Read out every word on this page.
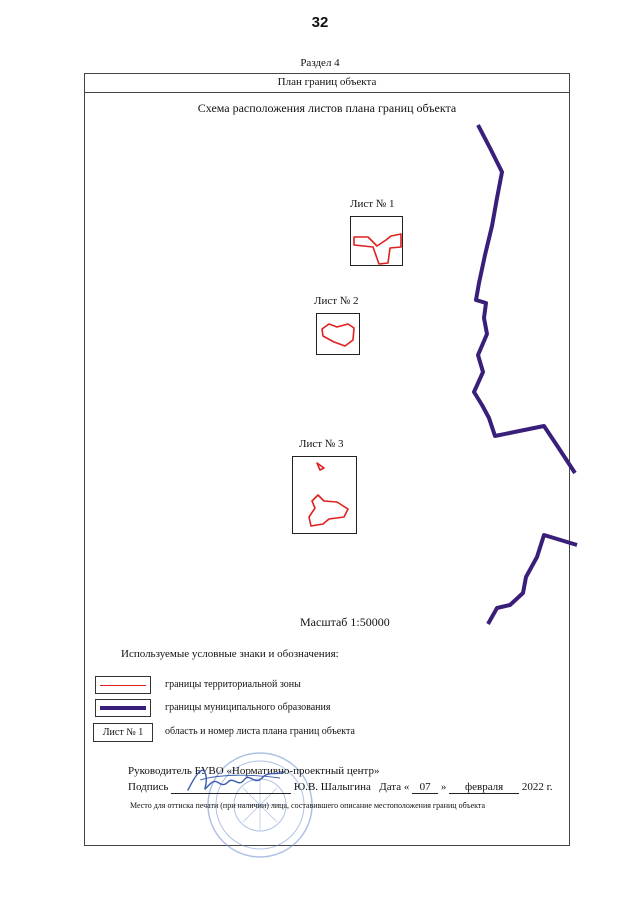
32
Раздел 4
План границ объекта
Схема расположения листов плана границ объекта
Лист № 1
Лист № 2
Лист № 3
Масштаб 1:50000
Используемые условные знаки и обозначения:
границы территориальной зоны
границы муниципального образования
Лист № 1	область и номер листа плана границ объекта
Руководитель БУВО «Нормативно-проектный центр»
Подпись	Ю.В. Шалыгина Дата « 07 » февраля 2022 г.
Место для оттиска печати (при наличии) лица, составившего описание местоположения границ объекта
